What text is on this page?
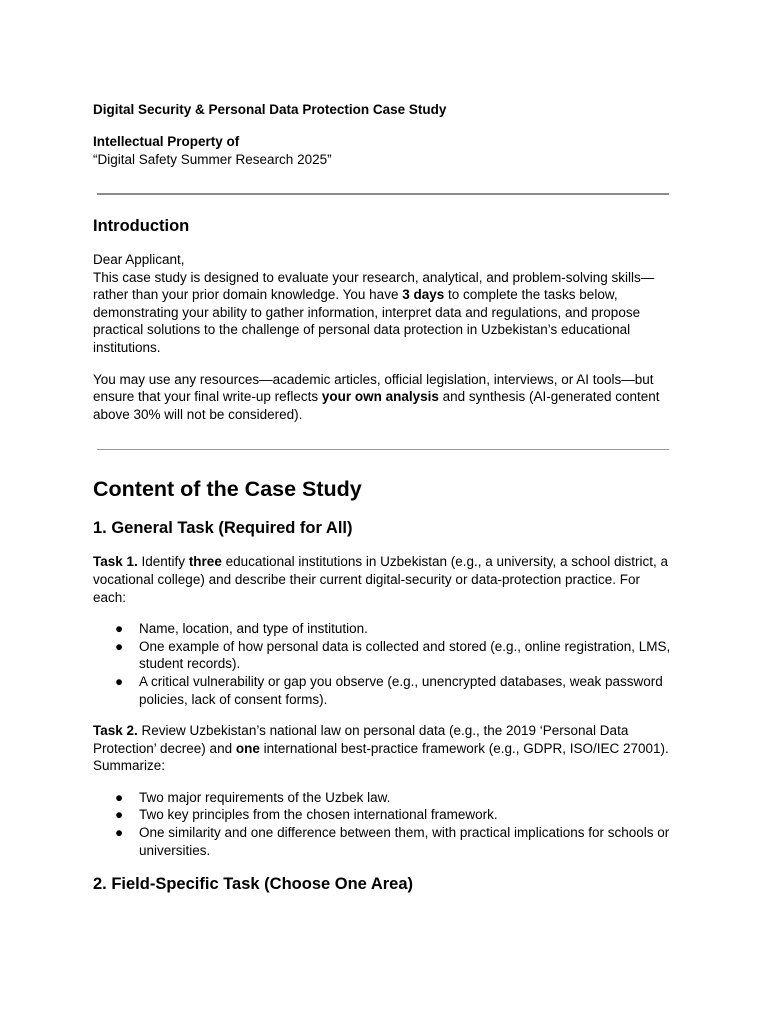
Digital Security & Personal Data Protection Case Study

Intellectual Property of

“Digital Safety Summer Research 2025”

Introduction

Dear Applicant,

This case study is designed to evaluate your research, analytical, and problem-solving skills—rather than your prior domain knowledge. You have 3 days to complete the tasks below, demonstrating your ability to gather information, interpret data and regulations, and propose practical solutions to the challenge of personal data protection in Uzbekistan’s educational institutions.

You may use any resources—academic articles, official legislation, interviews, or AI tools—but ensure that your final write-up reflects your own analysis and synthesis (AI-generated content above 30% will not be considered).

Content of the Case Study
1. General Task (Required for All)

Task 1. Identify three educational institutions in Uzbekistan (e.g., a university, a school district, a vocational college) and describe their current digital-security or data-protection practice. For each:

● Name, location, and type of institution.
● One example of how personal data is collected and stored (e.g., online registration, LMS, student records).
● A critical vulnerability or gap you observe (e.g., unencrypted databases, weak password policies, lack of consent forms).

Task 2. Review Uzbekistan’s national law on personal data (e.g., the 2019 ‘Personal Data Protection’ decree) and one international best-practice framework (e.g., GDPR, ISO/IEC 27001). Summarize:

● Two major requirements of the Uzbek law.
● Two key principles from the chosen international framework.
● One similarity and one difference between them, with practical implications for schools or universities.
2. Field-Specific Task (Choose One Area)
